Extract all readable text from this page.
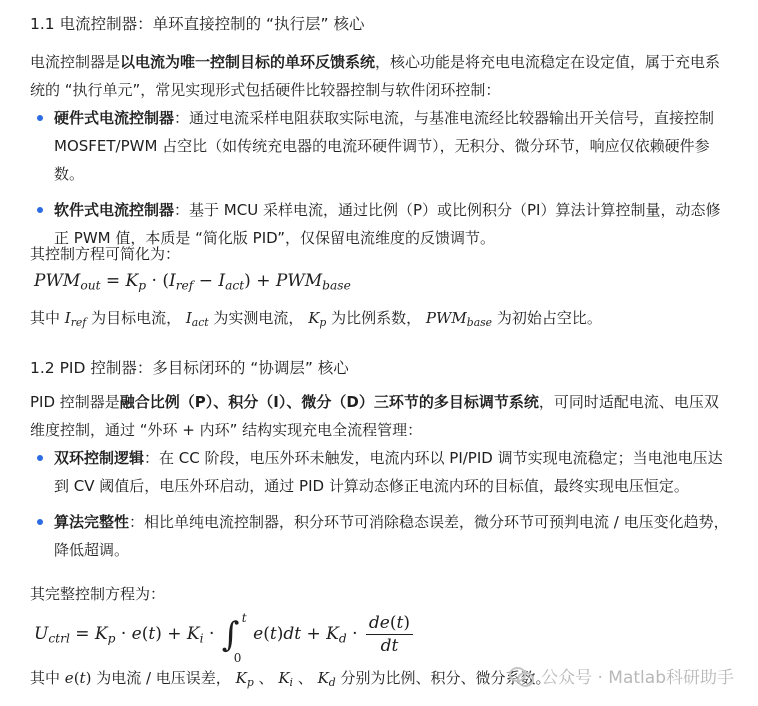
1.1 电流控制器：单环直接控制的 “执行层” 核心

电流控制器是以电流为唯一控制目标的单环反馈系统，核心功能是将充电电流稳定在设定值，属于充电系统的 “执行单元”，常见实现形式包括硬件比较器控制与软件闭环控制：

硬件式电流控制器：通过电流采样电阻获取实际电流，与基准电流经比较器输出开关信号，直接控制 MOSFET/PWM 占空比（如传统充电器的电流环硬件调节），无积分、微分环节，响应仅依赖硬件参数。
软件式电流控制器：基于 MCU 采样电流，通过比例（P）或比例积分（PI）算法计算控制量，动态修正 PWM 值，本质是 “简化版 PID”，仅保留电流维度的反馈调节。
其控制方程可简化为：
$PWM_{out} = K_p \cdot (I_{ref} - I_{act}) + PWM_{base}$
其中 $I_{ref}$ 为目标电流， $I_{act}$ 为实测电流， $K_p$ 为比例系数， $PWM_{base}$ 为初始占空比。
1.2 PID 控制器：多目标闭环的 “协调层” 核心

PID 控制器是融合比例（P）、积分（I）、微分（D）三环节的多目标调节系统，可同时适配电流、电压双维度控制，通过 “外环 + 内环” 结构实现充电全流程管理：

双环控制逻辑：在 CC 阶段，电压外环未触发，电流内环以 PI/PID 调节实现电流稳定；当电池电压达到 CV 阈值后，电压外环启动，通过 PID 计算动态修正电流内环的目标值，最终实现电压恒定。
算法完整性：相比单纯电流控制器，积分环节可消除稳态误差，微分环节可预判电流 / 电压变化趋势，降低超调。
其完整控制方程为：
$U_{ctrl} = K_p \cdot e(t) + K_i$ · ∫ t
0
$e(t)dt + K_d \cdot \frac{de(t)}{dt}$
其中 e(t) 为电流 / 电压误差， $K_p$ 、 $K_i$ 、 $K_d$ 分别为比例、积分、微分系数。
公众号 · Matlab科研助手
